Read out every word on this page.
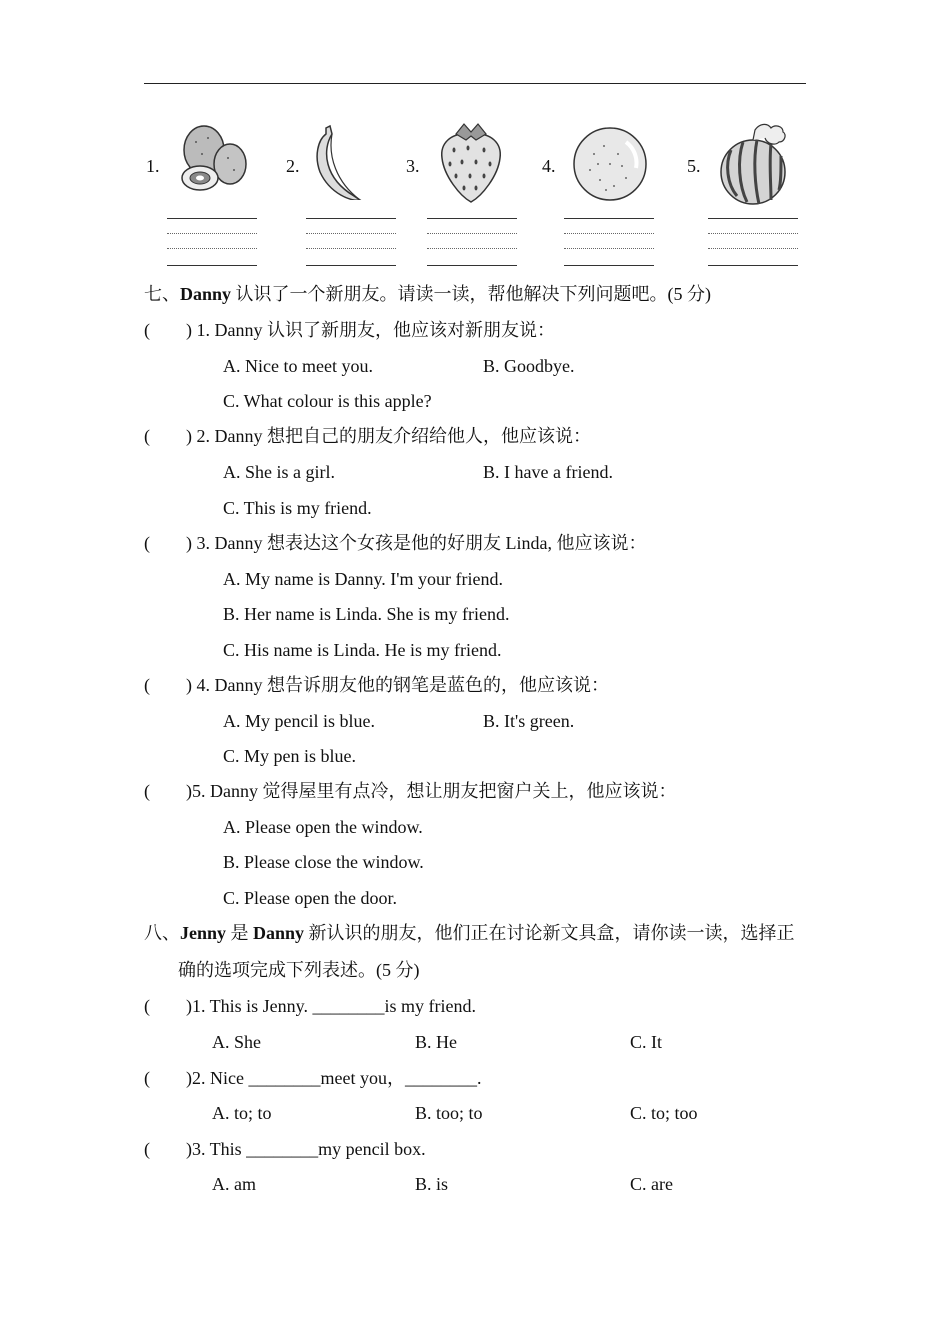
1.	2.	3.	4.	5.
七、Danny 认识了一个新朋友。请读一读，帮他解决下列问题吧。(5 分)
(        ) 1. Danny 认识了新朋友，他应该对新朋友说：
A. Nice to meet you.	B. Goodbye.
C. What colour is this apple?
(        ) 2. Danny 想把自己的朋友介绍给他人，他应该说：
A. She is a girl.	B. I have a friend.
C. This is my friend.
(        ) 3. Danny 想表达这个女孩是他的好朋友 Linda, 他应该说：
A. My name is Danny. I'm your friend.
B. Her name is Linda. She is my friend.
C. His name is Linda. He is my friend.
(        ) 4. Danny 想告诉朋友他的钢笔是蓝色的，他应该说：
A. My pencil is blue.	B. It's green.
C. My pen is blue.
(        )5. Danny 觉得屋里有点冷，想让朋友把窗户关上，他应该说：
A. Please open the window.
B. Please close the window.
C. Please open the door.
八、Jenny 是 Danny 新认识的朋友，他们正在讨论新文具盒，请你读一读，选择正
确的选项完成下列表述。(5 分)
(        )1. This is Jenny. ________is my friend.
A. She	B. He	C. It
(        )2. Nice ________meet you，________.
A. to; to	B. too; to	C. to; too
(        )3. This ________my pencil box.
A. am	B. is	C. are
